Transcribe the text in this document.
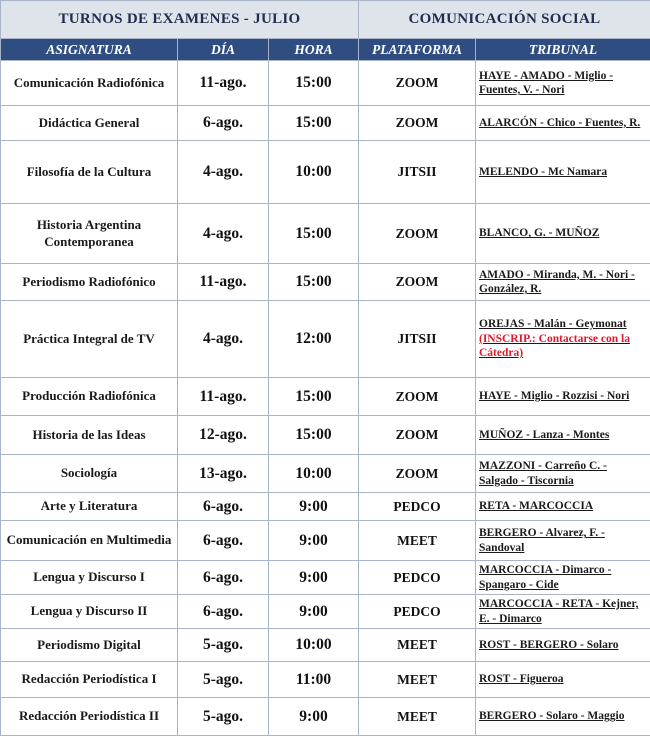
TURNOS DE EXAMENES - JULIO			COMUNICACIÓN SOCIAL	
ASIGNATURA	DÍA	HORA	PLATAFORMA	TRIBUNAL
Comunicación Radiofónica	11-ago.	15:00	ZOOM	HAYE - AMADO - Miglio - Fuentes, V. - Nori
Didáctica General	6-ago.	15:00	ZOOM	ALARCÓN - Chico - Fuentes, R.
Filosofía de la Cultura	4-ago.	10:00	JITSII	MELENDO - Mc Namara
Historia Argentina Contemporanea	4-ago.	15:00	ZOOM	BLANCO, G. - MUÑOZ
Periodismo Radiofónico	11-ago.	15:00	ZOOM	AMADO - Miranda, M. - Nori - González, R.
Práctica Integral de TV	4-ago.	12:00	JITSII	OREJAS - Malán - Geymonat (INSCRIP.: Contactarse con la Cátedra)
Producción Radiofónica	11-ago.	15:00	ZOOM	HAYE - Miglio - Rozzisi - Nori
Historia de las Ideas	12-ago.	15:00	ZOOM	MUÑOZ - Lanza - Montes
Sociología	13-ago.	10:00	ZOOM	MAZZONI - Carreño C. - Salgado - Tiscornia
Arte y Literatura	6-ago.	9:00	PEDCO	RETA - MARCOCCIA
Comunicación en Multimedia	6-ago.	9:00	MEET	BERGERO - Alvarez, F. - Sandoval
Lengua y Discurso I	6-ago.	9:00	PEDCO	MARCOCCIA - Dimarco - Spangaro - Cide
Lengua y Discurso II	6-ago.	9:00	PEDCO	MARCOCCIA - RETA - Kejner, E. - Dimarco
Periodismo Digital	5-ago.	10:00	MEET	ROST - BERGERO - Solaro
Redacción Periodística I	5-ago.	11:00	MEET	ROST - Figueroa
Redacción Periodística II	5-ago.	9:00	MEET	BERGERO - Solaro - Maggio
